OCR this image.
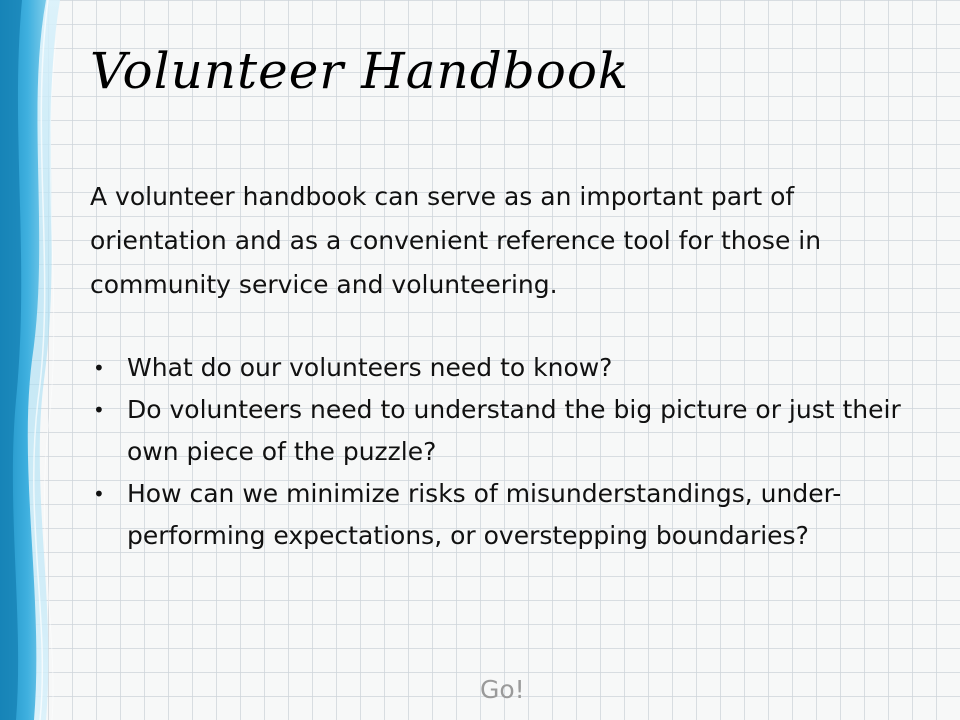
Volunteer Handbook

A volunteer handbook can serve as an important part of orientation and as a convenient reference tool for those in community service and volunteering.

• What do our volunteers need to know?
• Do volunteers need to understand the big picture or just their own piece of the puzzle?
• How can we minimize risks of misunderstandings, under-performing expectations, or overstepping boundaries?
Go!
